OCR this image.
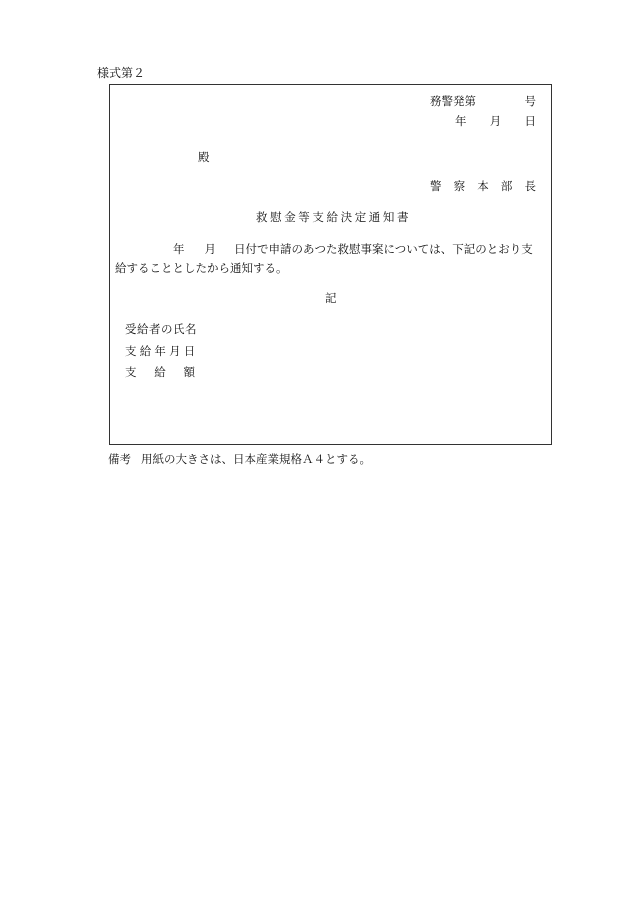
様式第２
務警発第	号
年 月 日
殿
警 察 本 部 長
救慰金等支給決定通知書
年 月 日付で申請のあつた救慰事案については、下記のとおり支
給することとしたから通知する。
記
受給者の氏名
支給年月日
支 給 額
備考 用紙の大きさは、日本産業規格Ａ４とする。
